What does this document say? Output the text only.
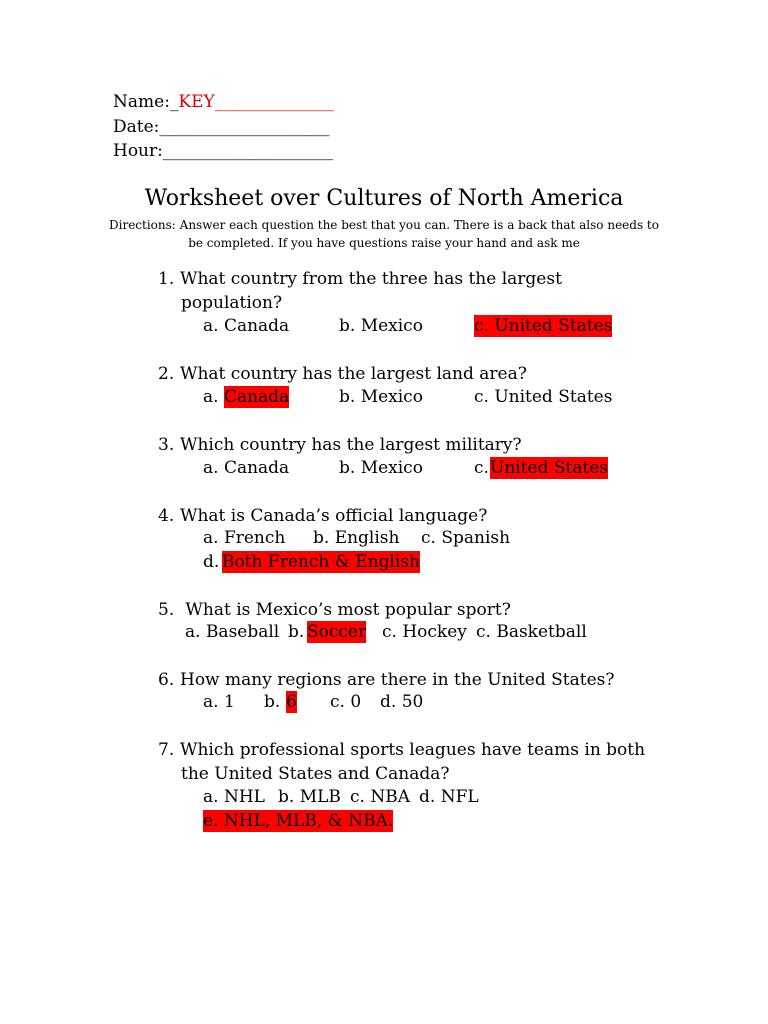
Name:_KEY______________
Date:____________________
Hour:____________________
Worksheet over Cultures of North America
Directions: Answer each question the best that you can. There is a back that also needs to be completed. If you have questions raise your hand and ask me
1. What country from the three has the largest
population?
a. Canada	b. Mexico	c. United States
2. What country has the largest land area?
a. Canada	b. Mexico	c. United States
3. Which country has the largest military?
a. Canada	b. Mexico	c. United States
4. What is Canada’s official language?
a. French b. English c. Spanish
d. Both French & English
5. What is Mexico’s most popular sport?
a. Baseball b. Soccer c. Hockey c. Basketball
6. How many regions are there in the United States?
a. 1 b. 6 c. 0 d. 50
7. Which professional sports leagues have teams in both
the United States and Canada?
a. NHL b. MLB c. NBA d. NFL
e. NHL, MLB, & NBA.
